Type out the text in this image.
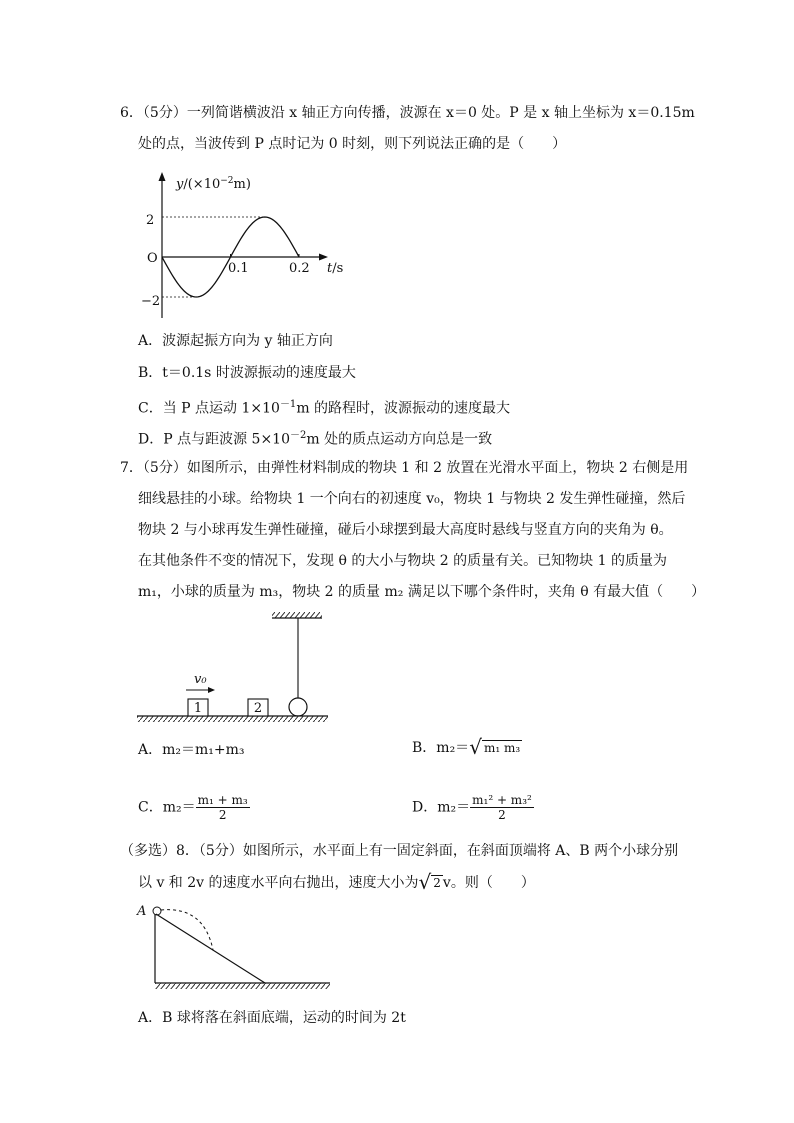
6．（5分）一列简谐横波沿 x 轴正方向传播，波源在 x＝0 处。P 是 x 轴上坐标为 x＝0.15m
处的点，当波传到 P 点时记为 0 时刻，则下列说法正确的是（　　）
$y/(\times 10^{-2}m)$
2
−2
O
0.1	0.2 t/s
A．波源起振方向为 y 轴正方向
B．t＝0.1s 时波源振动的速度最大
C．当 P 点运动 $1\times 10^{-1}m$ 的路程时，波源振动的速度最大
D．P 点与距波源 $5\times 10^{-2}m$ 处的质点运动方向总是一致
7．（5分）如图所示，由弹性材料制成的物块 1 和 2 放置在光滑水平面上，物块 2 右侧是用
细线悬挂的小球。给物块 1 一个向右的初速度 v₀，物块 1 与物块 2 发生弹性碰撞，然后
物块 2 与小球再发生弹性碰撞，碰后小球摆到最大高度时悬线与竖直方向的夹角为 θ。
在其他条件不变的情况下，发现 θ 的大小与物块 2 的质量有关。已知物块 1 的质量为
m₁，小球的质量为 m₃，物块 2 的质量 m₂ 满足以下哪个条件时，夹角 θ 有最大值（　　）
1	2
v₀
A．m₂＝m₁+m₃	B．m₂＝√ m₁ m₃
C．$m_2= \frac{\text{m₁ + m₃}}{2}$	D．$m_2= \frac{\text{m₁² + m₃²}}{2}$
（多选）8．（5分）如图所示，水平面上有一固定斜面，在斜面顶端将 A、B 两个小球分别
以 v 和 2v 的速度水平向右抛出，速度大小为√ 2 v。则（　　）
A
A．B 球将落在斜面底端，运动的时间为 2t
